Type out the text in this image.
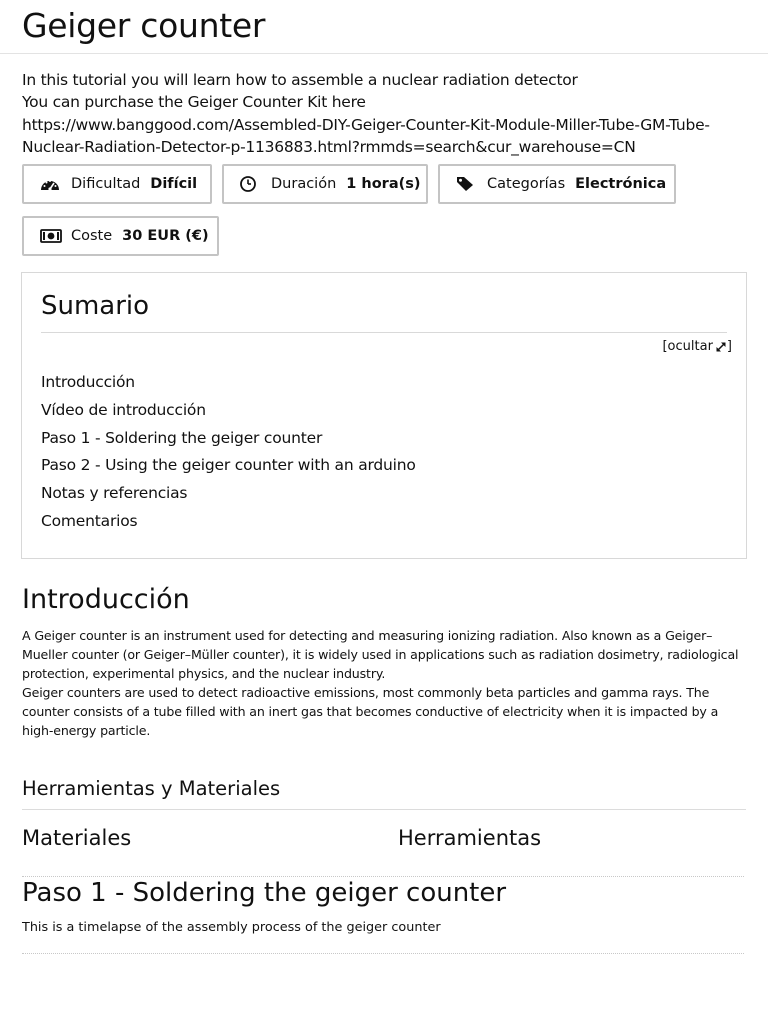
Geiger counter
In this tutorial you will learn how to assemble a nuclear radiation detector
You can purchase the Geiger Counter Kit here
https://www.banggood.com/Assembled-DIY-Geiger-Counter-Kit-Module-Miller-Tube-GM-Tube-
Nuclear-Radiation-Detector-p-1136883.html?rmmds=search&cur_warehouse=CN
Dificultad Difícil	Duración 1 hora(s)	Categorías Electrónica
Coste 30 EUR (€)
Sumario
[ ocultar ]
Introducción
Vídeo de introducción
Paso 1 - Soldering the geiger counter
Paso 2 - Using the geiger counter with an arduino
Notas y referencias
Comentarios
Introducción

A Geiger counter is an instrument used for detecting and measuring ionizing radiation. Also known as a Geiger–Mueller counter (or Geiger–Müller counter), it is widely used in applications such as radiation dosimetry, radiological protection, experimental physics, and the nuclear industry.

Geiger counters are used to detect radioactive emissions, most commonly beta particles and gamma rays. The counter consists of a tube filled with an inert gas that becomes conductive of electricity when it is impacted by a high-energy particle.

Herramientas y Materiales
Materiales	Herramientas
Paso 1 - Soldering the geiger counter

This is a timelapse of the assembly process of the geiger counter
